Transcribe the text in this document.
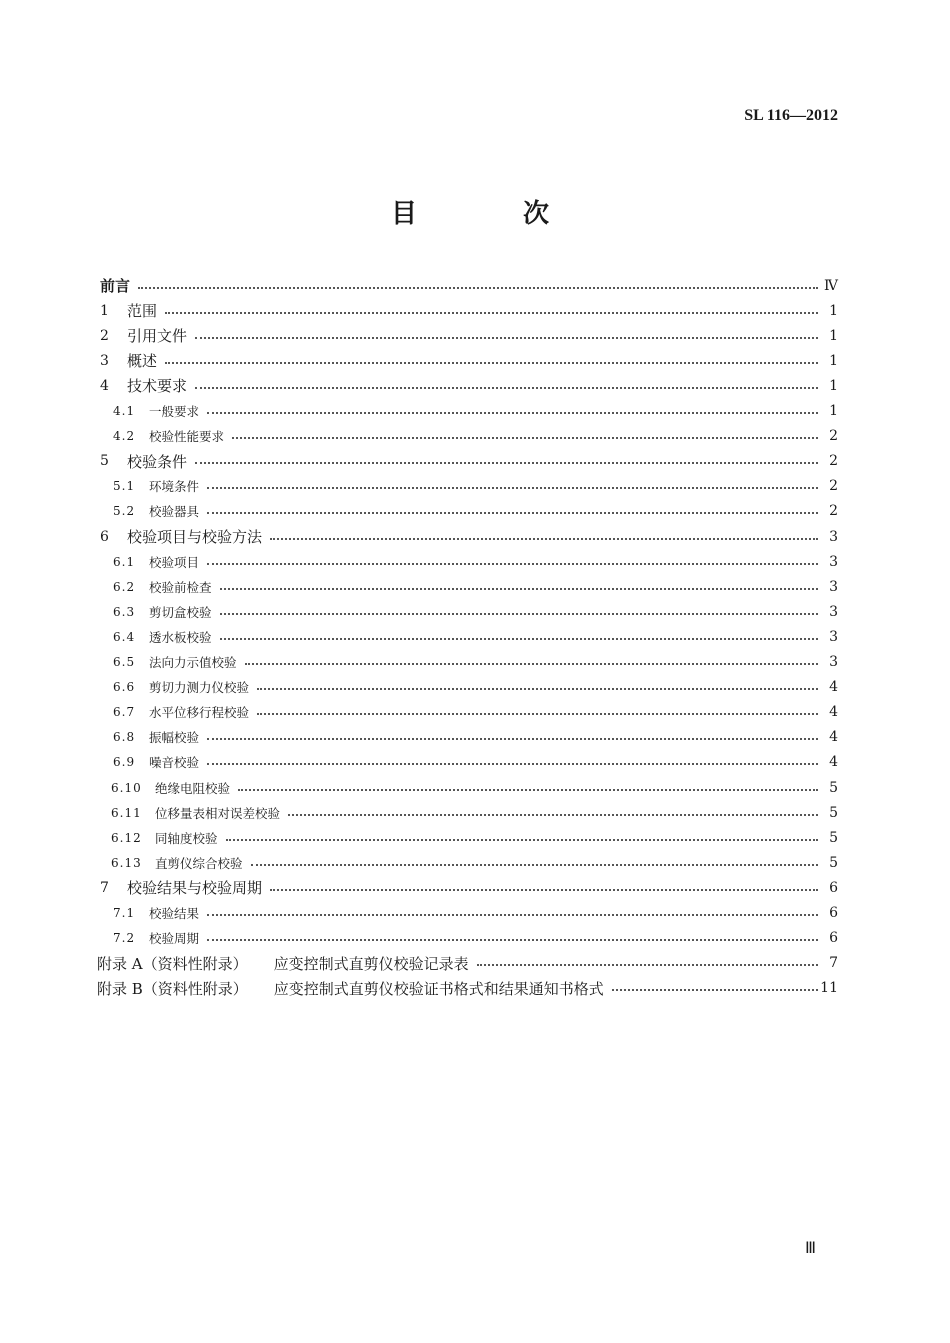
SL 116—2012
目　次
前言	Ⅳ
1	范围	1
2	引用文件	1
3	概述	1
4	技术要求	1
4.1	一般要求	1
4.2	校验性能要求	2
5	校验条件	2
5.1	环境条件	2
5.2	校验器具	2
6	校验项目与校验方法	3
6.1	校验项目	3
6.2	校验前检查	3
6.3	剪切盒校验	3
6.4	透水板校验	3
6.5	法向力示值校验	3
6.6	剪切力测力仪校验	4
6.7	水平位移行程校验	4
6.8	振幅校验	4
6.9	噪音校验	4
6.10	绝缘电阻校验	5
6.11	位移量表相对误差校验	5
6.12	同轴度校验	5
6.13	直剪仪综合校验	5
7	校验结果与校验周期	6
7.1	校验结果	6
7.2	校验周期	6
附录 A（资料性附录） 应变控制式直剪仪校验记录表	7
附录 B（资料性附录） 应变控制式直剪仪校验证书格式和结果通知书格式	11
Ⅲ
